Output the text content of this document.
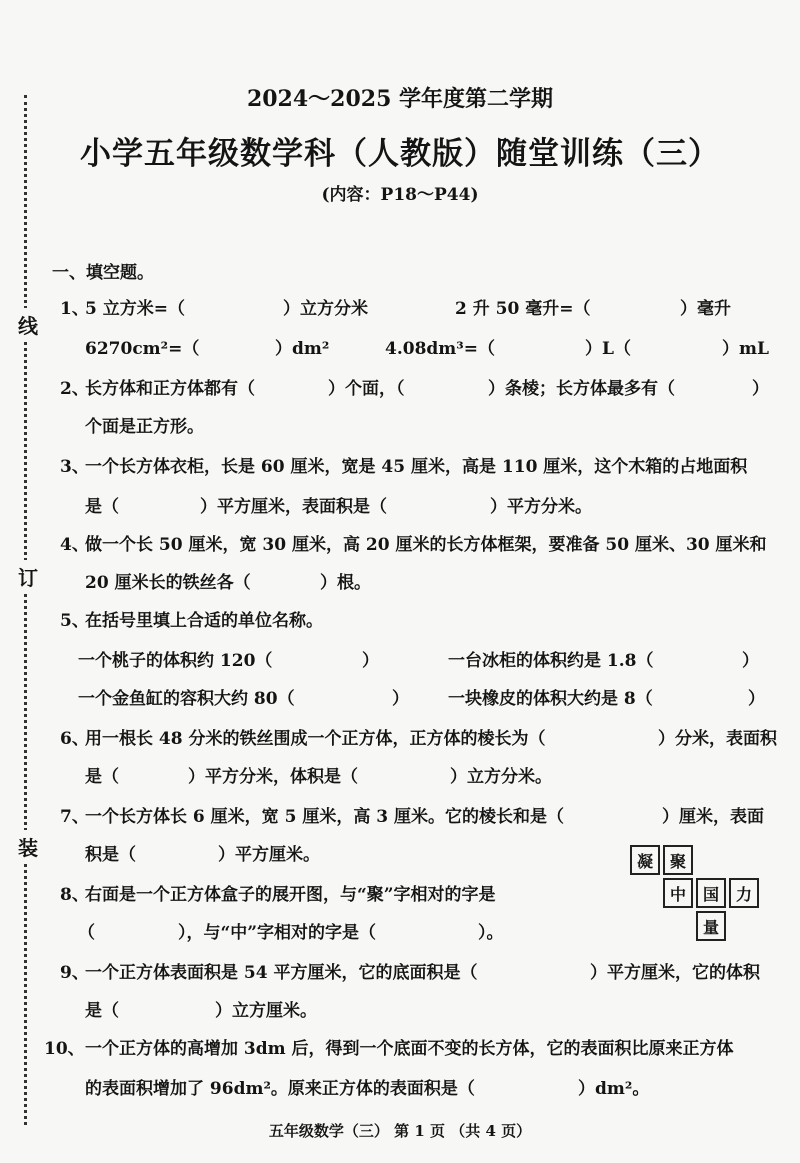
线
订
装
2024～2025 学年度第二学期
小学五年级数学科（人教版）随堂训练（三）
(内容：P18～P44)
一、填空题。
1、
5 立方米=（	）立方分米	2 升 50 毫升=（	）毫升
6270cm²=（	）dm²	4.08dm³=（	）L（	）mL
2、
长方体和正方体都有（	）个面，（	）条棱；长方体最多有（	）
个面是正方形。
3、
一个长方体衣柜，长是 60 厘米，宽是 45 厘米，高是 110 厘米，这个木箱的占地面积
是（	）平方厘米，表面积是（	）平方分米。
4、
做一个长 50 厘米，宽 30 厘米，高 20 厘米的长方体框架，要准备 50 厘米、30 厘米和
20 厘米长的铁丝各（	）根。
5、
在括号里填上合适的单位名称。
一个桃子的体积约 120（	）	一台冰柜的体积约是 1.8（	）
一个金鱼缸的容积大约 80（	） 一块橡皮的体积大约是 8（	）
6、
用一根长 48 分米的铁丝围成一个正方体，正方体的棱长为（	）分米，表面积
是（	）平方分米，体积是（	）立方分米。
7、
一个长方体长 6 厘米，宽 5 厘米，高 3 厘米。它的棱长和是（	）厘米，表面
积是（	）平方厘米。	凝	聚
中	国	力
量
8、
右面是一个正方体盒子的展开图，与“聚”字相对的字是
（	），与“中”字相对的字是（	）。
9、
一个正方体表面积是 54 平方厘米，它的底面积是（	）平方厘米，它的体积
是（	）立方厘米。
10、 一个正方体的高增加 3dm 后，得到一个底面不变的长方体，它的表面积比原来正方体
的表面积增加了 96dm²。原来正方体的表面积是（	）dm²。
五年级数学（三） 第 1 页 （共 4 页）
